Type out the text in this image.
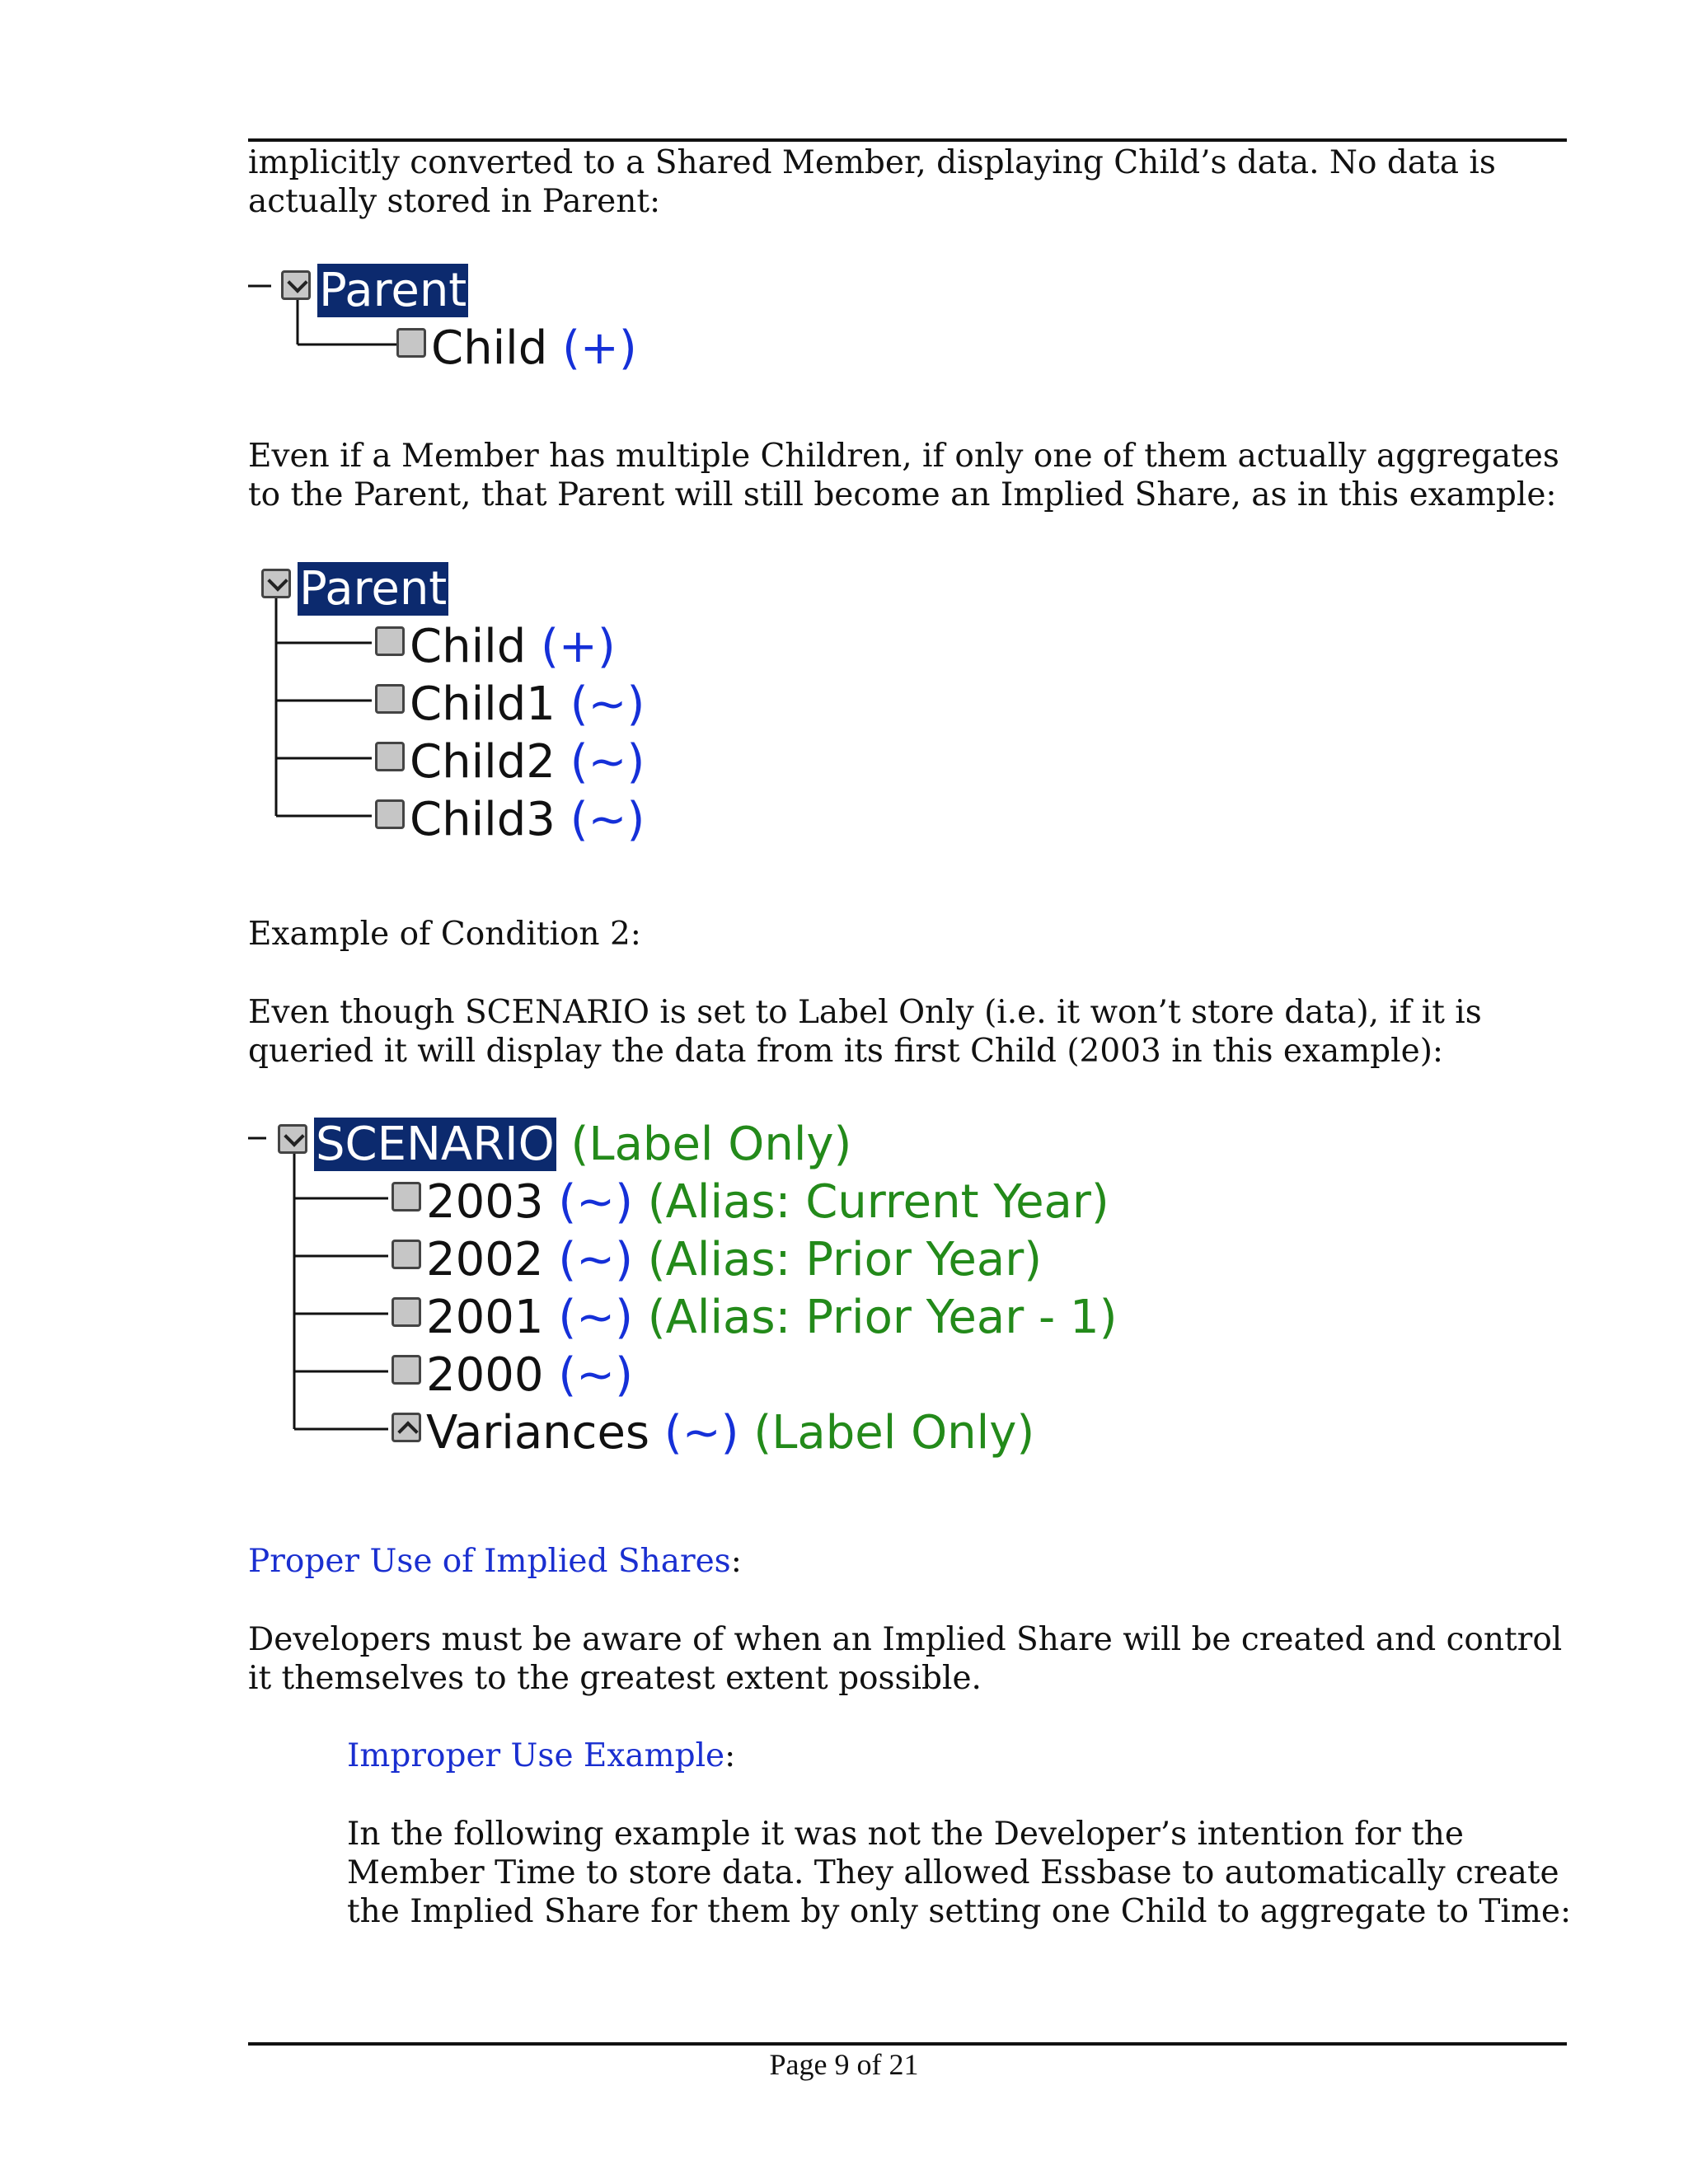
implicitly converted to a Shared Member, displaying Child’s data. No data is
actually stored in Parent:

Parent
Child (+)

Even if a Member has multiple Children, if only one of them actually aggregates
to the Parent, that Parent will still become an Implied Share, as in this example:

Parent
Child (+)
Child1 (~)
Child2 (~)
Child3 (~)

Example of Condition 2:

Even though SCENARIO is set to Label Only (i.e. it won’t store data), if it is
queried it will display the data from its first Child (2003 in this example):

SCENARIO (Label Only)
2003 (~) (Alias: Current Year)
2002 (~) (Alias: Prior Year)
2001 (~) (Alias: Prior Year - 1)
2000 (~)
Variances (~) (Label Only)

Proper Use of Implied Shares:

Developers must be aware of when an Implied Share will be created and control
it themselves to the greatest extent possible.

Improper Use Example:

In the following example it was not the Developer’s intention for the
Member Time to store data. They allowed Essbase to automatically create
the Implied Share for them by only setting one Child to aggregate to Time:

Page 9 of 21
